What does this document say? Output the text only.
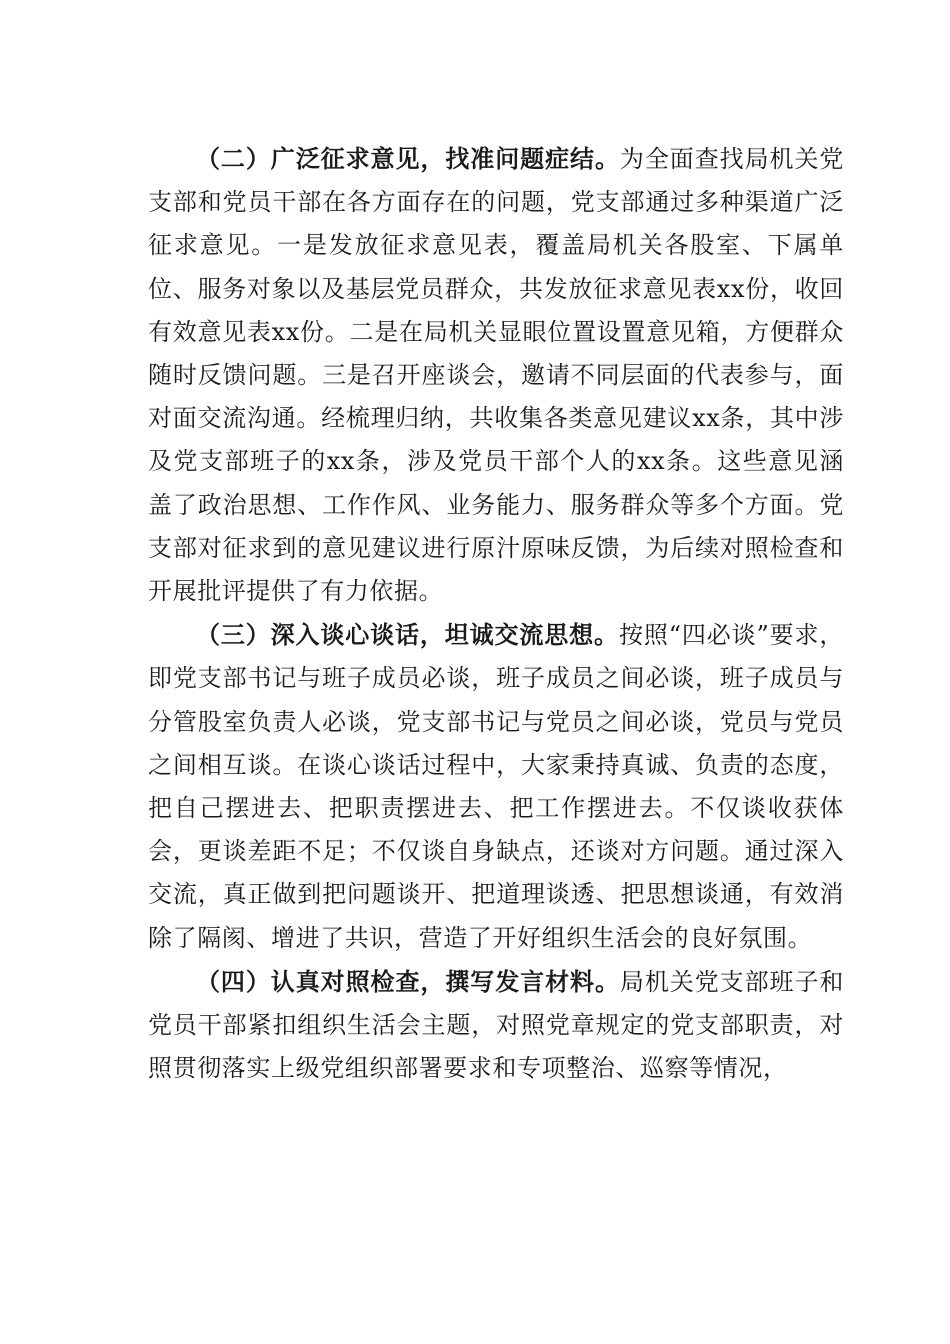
（二）广泛征求意见，找准问题症结。为全面查找局机关党支部和党员干部在各方面存在的问题，党支部通过多种渠道广泛征求意见。一是发放征求意见表，覆盖局机关各股室、下属单位、服务对象以及基层党员群众，共发放征求意见表xx份，收回有效意见表xx份。二是在局机关显眼位置设置意见箱，方便群众随时反馈问题。三是召开座谈会，邀请不同层面的代表参与，面对面交流沟通。经梳理归纳，共收集各类意见建议xx条，其中涉及党支部班子的xx条，涉及党员干部个人的xx条。这些意见涵盖了政治思想、工作作风、业务能力、服务群众等多个方面。党支部对征求到的意见建议进行原汁原味反馈，为后续对照检查和开展批评提供了有力依据。

（三）深入谈心谈话，坦诚交流思想。按照“四必谈”要求，即党支部书记与班子成员必谈，班子成员之间必谈，班子成员与分管股室负责人必谈，党支部书记与党员之间必谈，党员与党员之间相互谈。在谈心谈话过程中，大家秉持真诚、负责的态度，把自己摆进去、把职责摆进去、把工作摆进去。不仅谈收获体会，更谈差距不足；不仅谈自身缺点，还谈对方问题。通过深入交流，真正做到把问题谈开、把道理谈透、把思想谈通，有效消除了隔阂、增进了共识，营造了开好组织生活会的良好氛围。

（四）认真对照检查，撰写发言材料。局机关党支部班子和党员干部紧扣组织生活会主题，对照党章规定的党支部职责，对照贯彻落实上级党组织部署要求和专项整治、巡察等情况，
